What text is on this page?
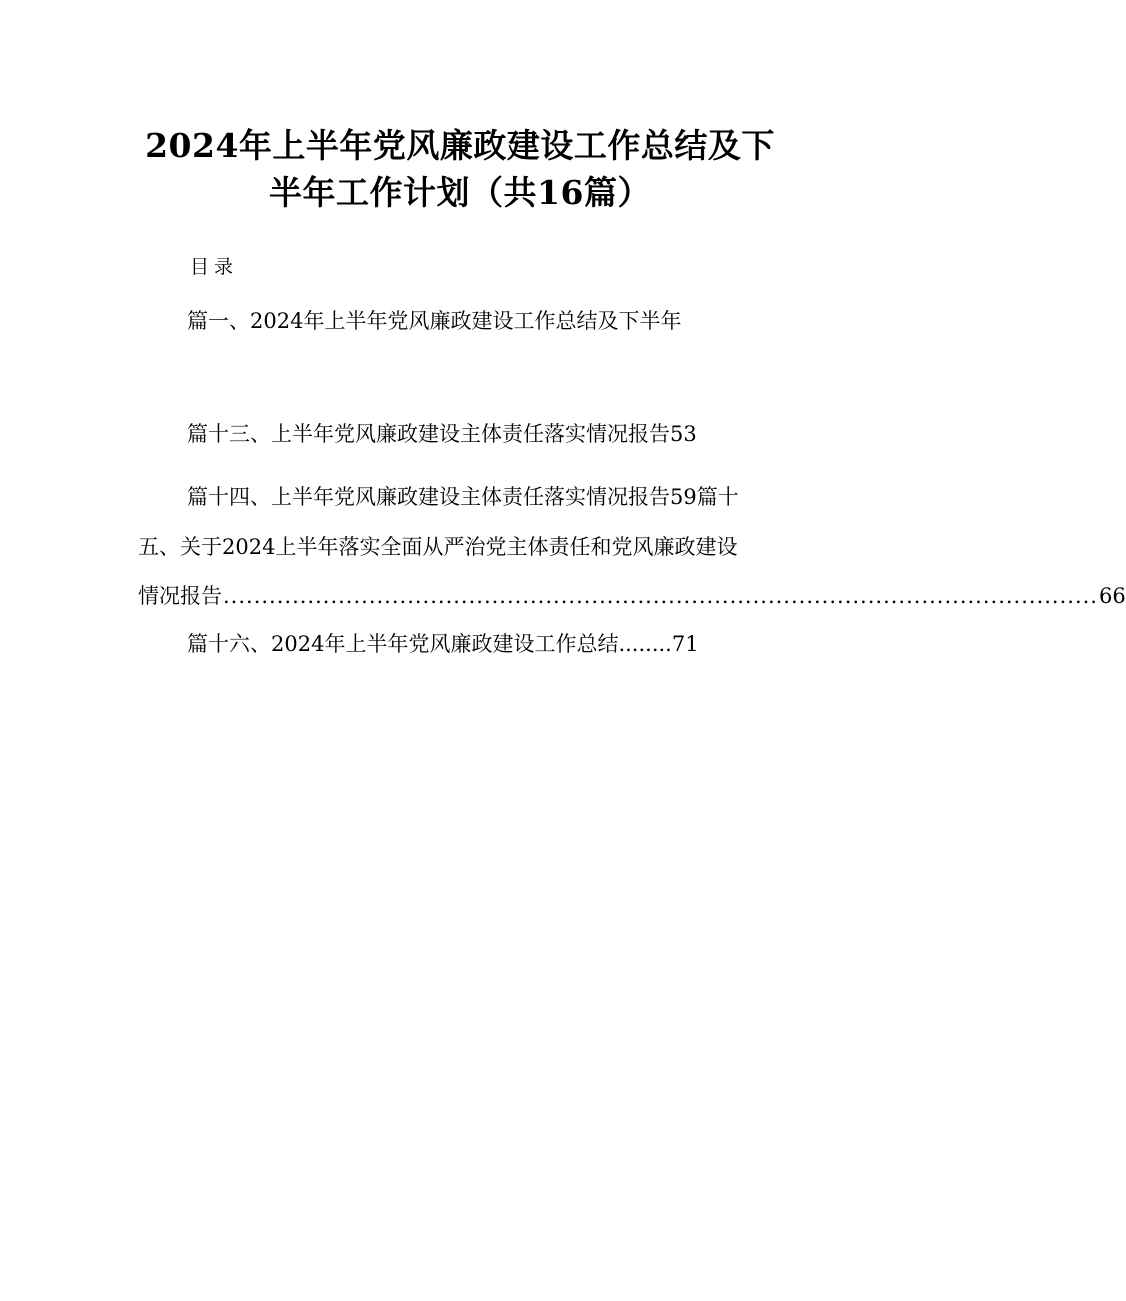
2024年上半年党风廉政建设工作总结及下
半年工作计划（共16篇）
目录
篇一、2024年上半年党风廉政建设工作总结及下半年
篇十三、上半年党风廉政建设主体责任落实情况报告53
篇十四、上半年党风廉政建设主体责任落实情况报告59篇十
五、关于2024上半年落实全面从严治党主体责任和党风廉政建设
情况报告 .................................................................................................................. 66
篇十六、2024年上半年党风廉政建设工作总结........71
